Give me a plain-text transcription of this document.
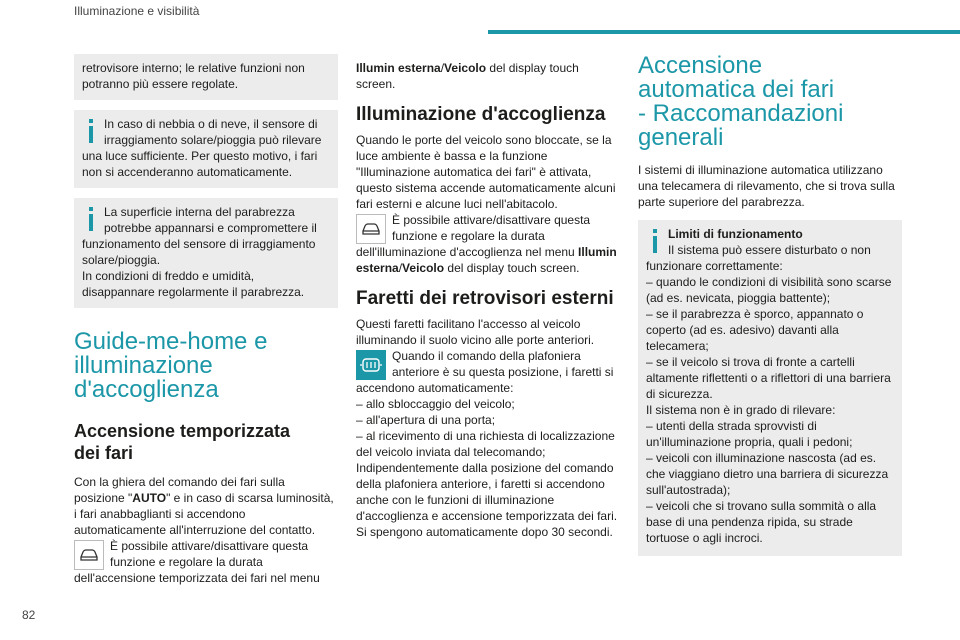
Illuminazione e visibilità

retrovisore interno; le relative funzioni non potranno più essere regolate.

In caso di nebbia o di neve, il sensore di irraggiamento solare/pioggia può rilevare una luce sufficiente. Per questo motivo, i fari non si accenderanno automaticamente.

La superficie interna del parabrezza potrebbe appannarsi e compromettere il funzionamento del sensore di irraggiamento solare/pioggia.

In condizioni di freddo e umidità, disappannare regolarmente il parabrezza.

Guide-me-home e illuminazione d'accoglienza
Accensione temporizzata dei fari

Con la ghiera del comando dei fari sulla posizione "AUTO" e in caso di scarsa luminosità, i fari anabbaglianti si accendono automaticamente all'interruzione del contatto.

È possibile attivare/disattivare questa funzione e regolare la durata dell'accensione temporizzata dei fari nel menu

Illumin esterna/Veicolo del display touch screen.

Illuminazione d'accoglienza

Quando le porte del veicolo sono bloccate, se la luce ambiente è bassa e la funzione "Illuminazione automatica dei fari" è attivata, questo sistema accende automaticamente alcuni fari esterni e alcune luci nell'abitacolo.

È possibile attivare/disattivare questa funzione e regolare la durata dell'illuminazione d'accoglienza nel menu Illumin esterna/Veicolo del display touch screen.

Faretti dei retrovisori esterni

Questi faretti facilitano l'accesso al veicolo illuminando il suolo vicino alle porte anteriori.

Quando il comando della plafoniera anteriore è su questa posizione, i faretti si accendono automaticamente:

– allo sbloccaggio del veicolo;

– all'apertura di una porta;

– al ricevimento di una richiesta di localizzazione del veicolo inviata dal telecomando;

Indipendentemente dalla posizione del comando della plafoniera anteriore, i faretti si accendono anche con le funzioni di illuminazione d'accoglienza e accensione temporizzata dei fari. Si spengono automaticamente dopo 30 secondi.

Accensione automatica dei fari - Raccomandazioni generali

I sistemi di illuminazione automatica utilizzano una telecamera di rilevamento, che si trova sulla parte superiore del parabrezza.

Limiti di funzionamento

Il sistema può essere disturbato o non funzionare correttamente:

– quando le condizioni di visibilità sono scarse (ad es. nevicata, pioggia battente);

– se il parabrezza è sporco, appannato o coperto (ad es. adesivo) davanti alla telecamera;

– se il veicolo si trova di fronte a cartelli altamente riflettenti o a riflettori di una barriera di sicurezza.

Il sistema non è in grado di rilevare:

– utenti della strada sprovvisti di un'illuminazione propria, quali i pedoni;

– veicoli con illuminazione nascosta (ad es. che viaggiano dietro una barriera di sicurezza sull'autostrada);

– veicoli che si trovano sulla sommità o alla base di una pendenza ripida, su strade tortuose o agli incroci.

82
